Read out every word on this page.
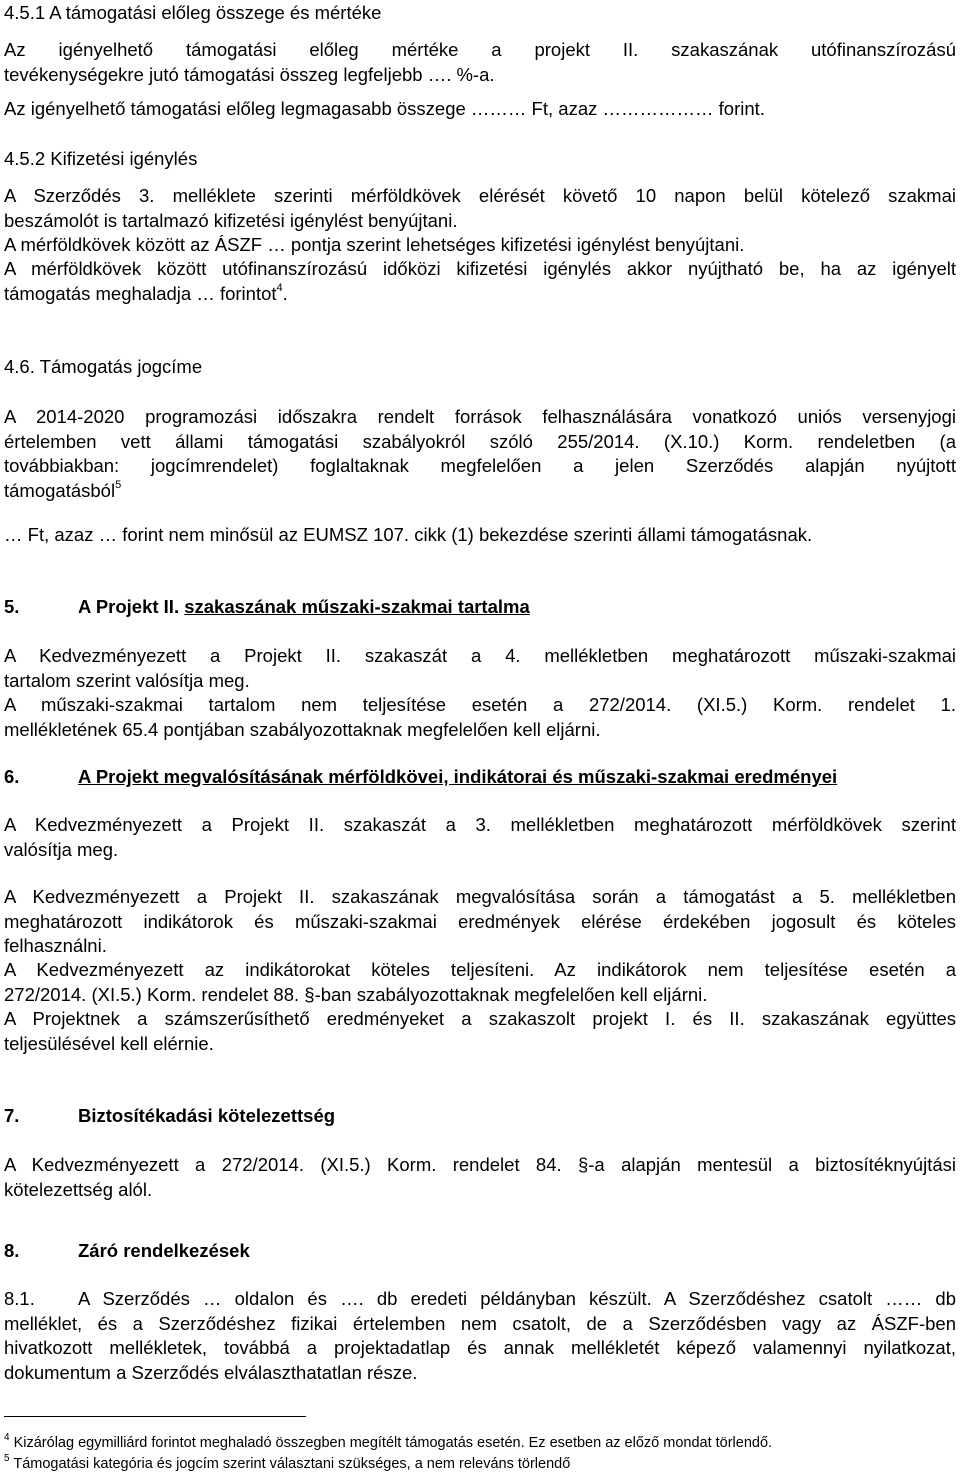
4.5.1 A támogatási előleg összege és mértéke
Az igényelhető támogatási előleg mértéke a projekt II. szakaszának utófinanszírozású
tevékenységekre jutó támogatási összeg legfeljebb …. %-a.
Az igényelhető támogatási előleg legmagasabb összege ……… Ft, azaz ……………… forint.
4.5.2 Kifizetési igénylés
A Szerződés 3. melléklete szerinti mérföldkövek elérését követő 10 napon belül kötelező szakmai
beszámolót is tartalmazó kifizetési igénylést benyújtani.
A mérföldkövek között az ÁSZF … pontja szerint lehetséges kifizetési igénylést benyújtani.
A mérföldkövek között utófinanszírozású időközi kifizetési igénylés akkor nyújtható be, ha az igényelt
támogatás meghaladja … forintot$^4$.
4.6. Támogatás jogcíme
A 2014-2020 programozási időszakra rendelt források felhasználására vonatkozó uniós versenyjogi
értelemben vett állami támogatási szabályokról szóló 255/2014. (X.10.) Korm. rendeletben (a
továbbiakban: jogcímrendelet) foglaltaknak megfelelően a jelen Szerződés alapján nyújtott
támogatásból$^5$
… Ft, azaz … forint nem minősül az EUMSZ 107. cikk (1) bekezdése szerinti állami támogatásnak.
5.	A Projekt II. szakaszának műszaki-szakmai tartalma
A Kedvezményezett a Projekt II. szakaszát a 4. mellékletben meghatározott műszaki-szakmai
tartalom szerint valósítja meg.
A műszaki-szakmai tartalom nem teljesítése esetén a 272/2014. (XI.5.) Korm. rendelet 1.
mellékletének 65.4 pontjában szabályozottaknak megfelelően kell eljárni.
6.	A Projekt megvalósításának mérföldkövei, indikátorai és műszaki-szakmai eredményei
A Kedvezményezett a Projekt II. szakaszát a 3. mellékletben meghatározott mérföldkövek szerint
valósítja meg.
A Kedvezményezett a Projekt II. szakaszának megvalósítása során a támogatást a 5. mellékletben
meghatározott indikátorok és műszaki-szakmai eredmények elérése érdekében jogosult és köteles
felhasználni.
A Kedvezményezett az indikátorokat köteles teljesíteni. Az indikátorok nem teljesítése esetén a
272/2014. (XI.5.) Korm. rendelet 88. §-ban szabályozottaknak megfelelően kell eljárni.
A Projektnek a számszerűsíthető eredményeket a szakaszolt projekt I. és II. szakaszának együttes
teljesülésével kell elérnie.
7.	Biztosítékadási kötelezettség
A Kedvezményezett a 272/2014. (XI.5.) Korm. rendelet 84. §-a alapján mentesül a biztosítéknyújtási
kötelezettség alól.
8.	Záró rendelkezések
8.1. A Szerződés … oldalon és …. db eredeti példányban készült. A Szerződéshez csatolt …… db
melléklet, és a Szerződéshez fizikai értelemben nem csatolt, de a Szerződésben vagy az ÁSZF-ben
hivatkozott mellékletek, továbbá a projektadatlap és annak mellékletét képező valamennyi nyilatkozat,
dokumentum a Szerződés elválaszthatatlan része.
$^4$ Kizárólag egymilliárd forintot meghaladó összegben megítélt támogatás esetén. Ez esetben az előző mondat törlendő.
$^5$ Támogatási kategória és jogcím szerint választani szükséges, a nem releváns törlendő
